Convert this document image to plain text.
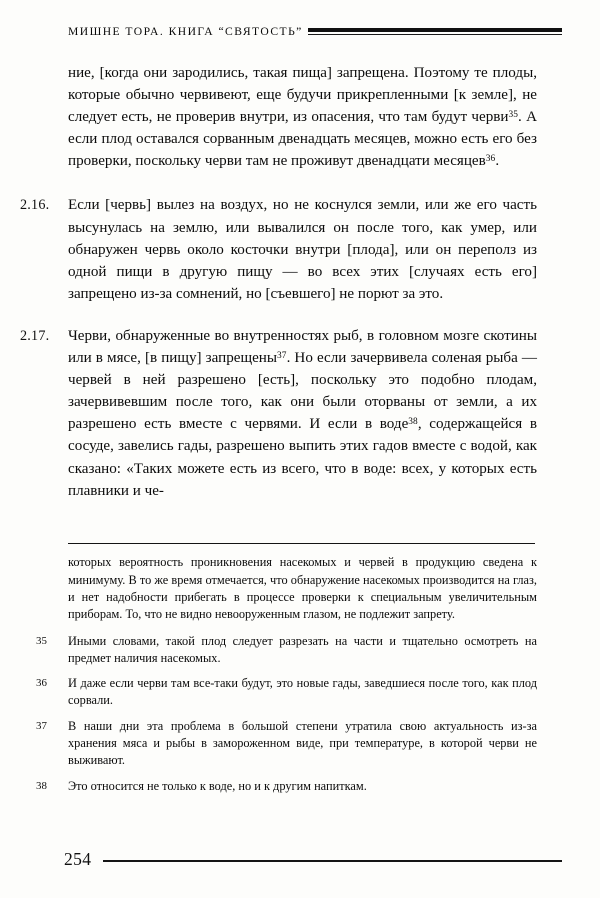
МИШНЕ ТОРА. КНИГА “СВЯТОСТЬ”
ние, [когда они зародились, такая пища] запрещена. Поэтому те плоды, которые обычно червивеют, еще будучи прикрепленными [к земле], не следует есть, не проверив внутри, из опасения, что там будут черви$^{35}$. А если плод оставался сорванным двенадцать месяцев, можно есть его без проверки, поскольку черви там не проживут двенадцати месяцев$^{36}$.
2.16.	Если [червь] вылез на воздух, но не коснулся земли, или же его часть высунулась на землю, или вывалился он после того, как умер, или обнаружен червь около косточки внутри [плода], или он переполз из одной пищи в другую пищу — во всех этих [случаях есть его] запрещено из-за сомнений, но [съевшего] не порют за это.
2.17.	Черви, обнаруженные во внутренностях рыб, в головном мозге скотины или в мясе, [в пищу] запрещены$^{37}$. Но если зачервивела соленая рыба — червей в ней разрешено [есть], поскольку это подобно плодам, зачервивевшим после того, как они были оторваны от земли, а их разрешено есть вместе с червями. И если в воде$^{38}$, содержащейся в сосуде, завелись гады, разрешено выпить этих гадов вместе с водой, как сказано: «Таких можете есть из всего, что в воде: всех, у которых есть плавники и че-
которых вероятность проникновения насекомых и червей в продукцию сведена к минимуму. В то же время отмечается, что обнаружение насекомых производится на глаз, и нет надобности прибегать в процессе проверки к специальным увеличительным приборам. То, что не видно невооруженным глазом, не подлежит запрету.
35	Иными словами, такой плод следует разрезать на части и тщательно осмотреть на предмет наличия насекомых.
36	И даже если черви там все-таки будут, это новые гады, заведшиеся после того, как плод сорвали.
37	В наши дни эта проблема в большой степени утратила свою актуальность из-за хранения мяса и рыбы в замороженном виде, при температуре, в которой черви не выживают.
38	Это относится не только к воде, но и к другим напиткам.
254
